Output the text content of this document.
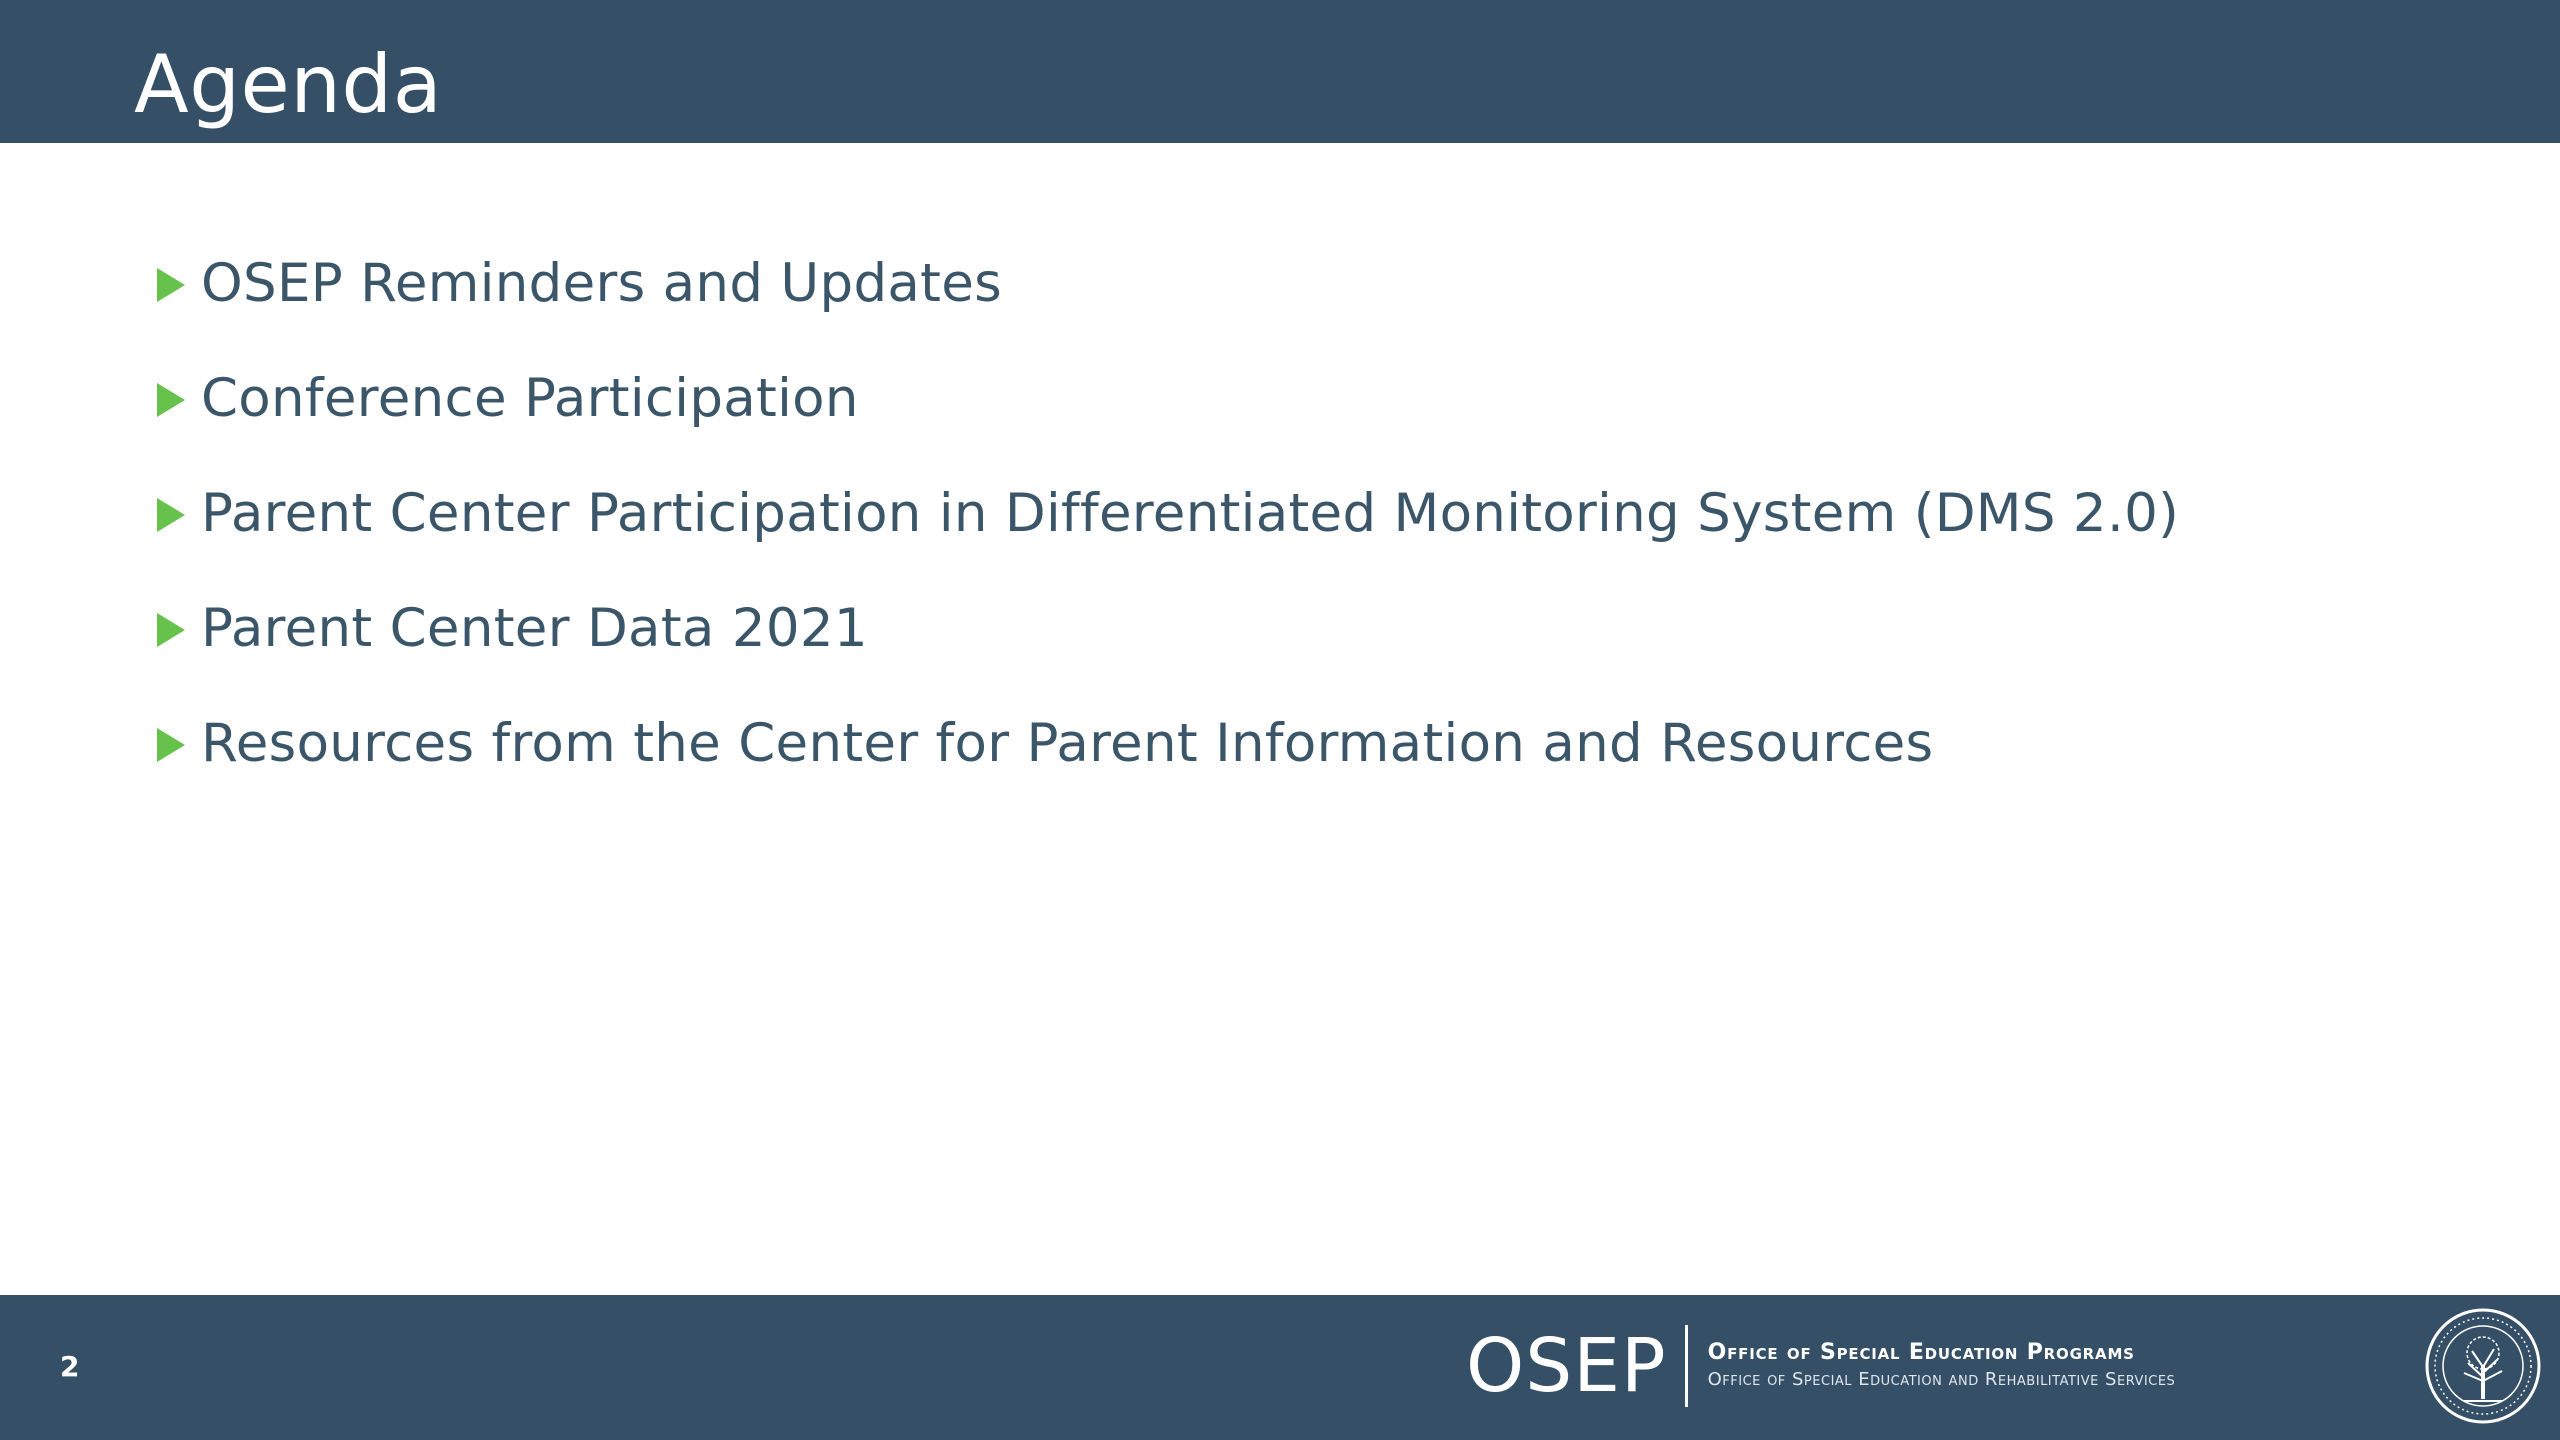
Agenda
OSEP Reminders and Updates
Conference Participation
Parent Center Participation in Differentiated Monitoring System (DMS 2.0)
Parent Center Data 2021
Resources from the Center for Parent Information and Resources
2	OSEP Office of Special Education Programs
Office of Special Education and Rehabilitative Services
